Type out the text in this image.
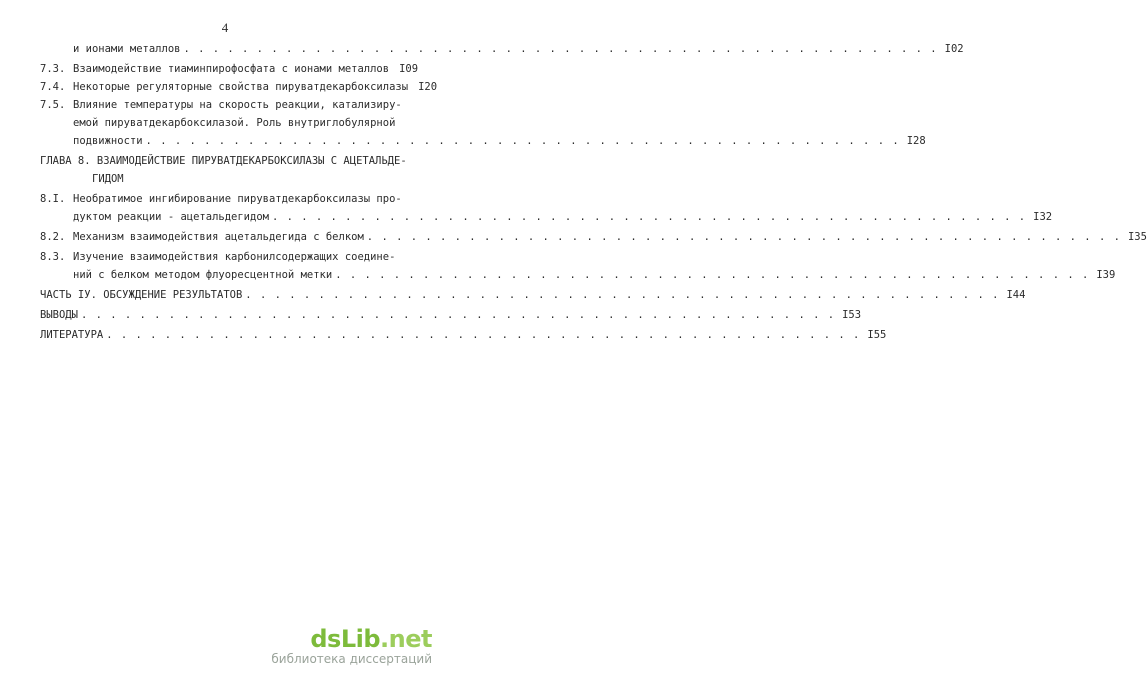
4
и ионами металлов . . . . . . . . . . . . . . . . . . . . . . . . . . . . . . . . . . . . . . . . . . . . . . . . . . . . I02
7.3. Взаимодействие тиаминпирофосфата с ионами металлов I09
7.4. Некоторые регуляторные свойства пируватдекарбоксилазы I20
7.5. Влияние температуры на скорость реакции, катализиру-
емой пируватдекарбоксилазой. Роль внутриглобулярной
подвижности . . . . . . . . . . . . . . . . . . . . . . . . . . . . . . . . . . . . . . . . . . . . . . . . . . . . I28
ГЛАВА 8. ВЗАИМОДЕЙСТВИЕ ПИРУВАТДЕКАРБОКСИЛАЗЫ С АЦЕТАЛЬДЕ-
ГИДОМ
8.I. Необратимое ингибирование пируватдекарбоксилазы про-
дуктом реакции - ацетальдегидом . . . . . . . . . . . . . . . . . . . . . . . . . . . . . . . . . . . . . . . . . . . . . . . . . . . . I32
8.2. Механизм взаимодействия ацетальдегида с белком . . . . . . . . . . . . . . . . . . . . . . . . . . . . . . . . . . . . . . . . . . . . . . . . . . . . I35
8.3. Изучение взаимодействия карбонилсодержащих соедине-
ний с белком методом флуоресцентной метки . . . . . . . . . . . . . . . . . . . . . . . . . . . . . . . . . . . . . . . . . . . . . . . . . . . . I39
ЧАСТЬ IУ. ОБСУЖДЕНИЕ РЕЗУЛЬТАТОВ . . . . . . . . . . . . . . . . . . . . . . . . . . . . . . . . . . . . . . . . . . . . . . . . . . . . I44
ВЫВОДЫ . . . . . . . . . . . . . . . . . . . . . . . . . . . . . . . . . . . . . . . . . . . . . . . . . . . . I53
ЛИТЕРАТУРА . . . . . . . . . . . . . . . . . . . . . . . . . . . . . . . . . . . . . . . . . . . . . . . . . . . . I55
dsLib.net
библиотека диссертаций
